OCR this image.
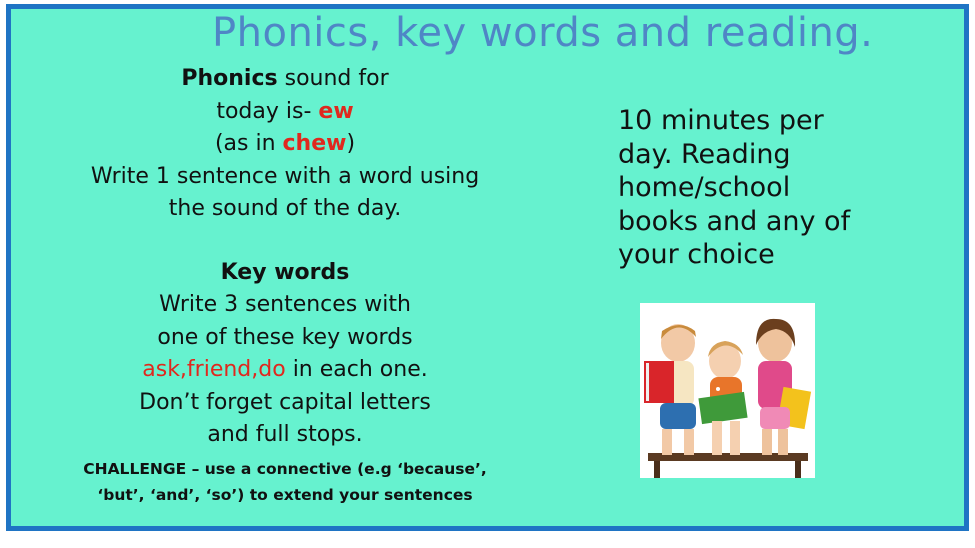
Phonics, key words and reading.
Phonics sound for
today is- ew
(as in chew)
Write 1 sentence with a word using
the sound of the day.
Key words
Write 3 sentences with
one of these key words
ask,friend,do in each one.
Don’t forget capital letters
and full stops.
CHALLENGE – use a connective (e.g ‘because’,
‘but’, ‘and’, ‘so’) to extend your sentences
10 minutes per
day. Reading
home/school
books and any of
your choice
